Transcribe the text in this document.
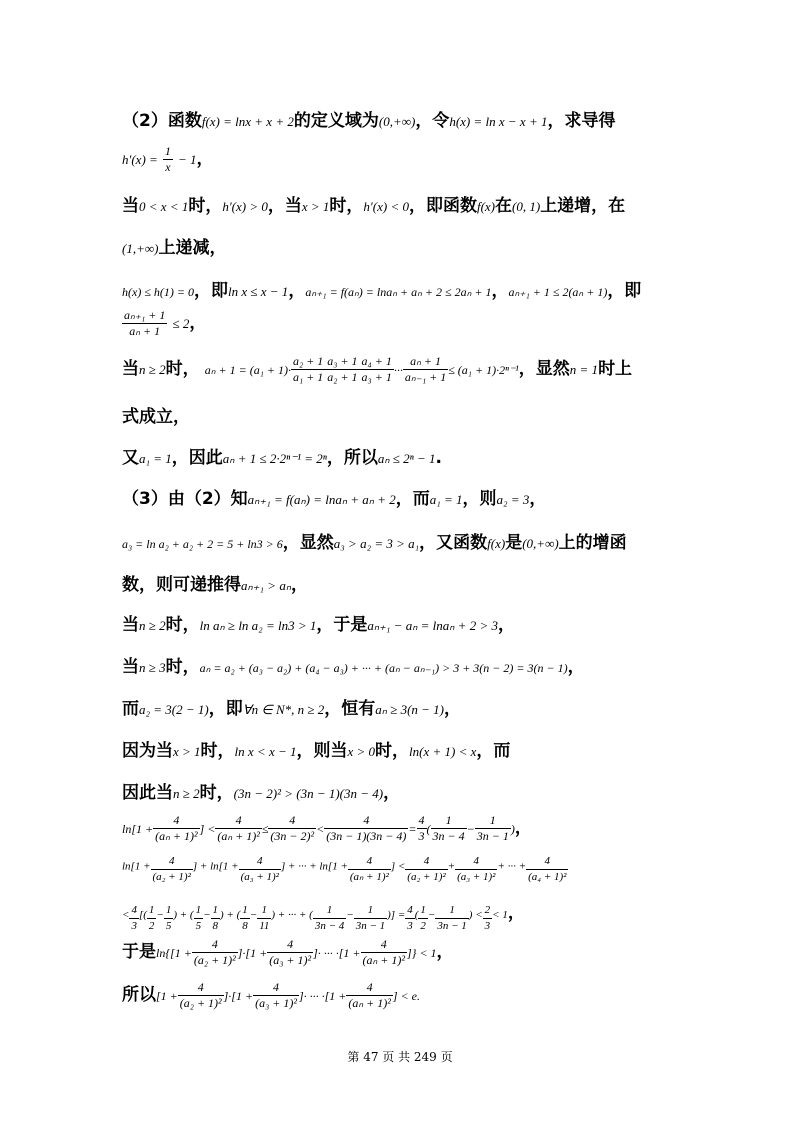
（2）函数f(x) = lnx + x + 2的定义域为(0,+∞)，令h(x) = ln x − x + 1，求导得
$h'(x) = \frac{1}{x} - 1$，
当0 < x < 1时，h′(x) > 0，当x > 1时，h′(x) < 0，即函数f(x)在(0, 1)上递增，在
(1,+∞)上递减，
h(x) ≤ h(1) = 0，即ln x ≤ x − 1，aₙ₊₁ = f(aₙ) = lnaₙ + aₙ + 2 ≤ 2aₙ + 1，aₙ₊₁ + 1 ≤ 2(aₙ + 1)，即
$\frac{\text{aₙ₊₁ + 1}}{\text{aₙ + 1}} \le 2$，
当n ≥ 2时， $a_n + 1 = (a_1 + 1)\cdot \frac{\text{a₂ + 1}}{\text{a₁ + 1}} \frac{\text{a₃ + 1}}{\text{a₂ + 1}} \frac{\text{a₄ + 1}}{\text{a₃ + 1}}$ ··· $\frac{\text{aₙ + 1}}{\text{aₙ₋₁ + 1}} \le (a_1 + 1)\cdot 2^{n-1}$，显然n = 1时上
式成立，
又a₁ = 1，因此aₙ + 1 ≤ 2·2ⁿ⁻¹ = 2ⁿ，所以aₙ ≤ 2ⁿ − 1.
（3）由（2）知aₙ₊₁ = f(aₙ) = lnaₙ + aₙ + 2，而a₁ = 1，则a₂ = 3，
a₃ = ln a₂ + a₂ + 2 = 5 + ln3 > 6，显然a₃ > a₂ = 3 > a₁，又函数f(x)是(0,+∞)上的增函
数，则可递推得aₙ₊₁ > aₙ，
当n ≥ 2时，ln aₙ ≥ ln a₂ = ln3 > 1，于是aₙ₊₁ − aₙ = lnaₙ + 2 > 3，
当n ≥ 3时，aₙ = a₂ + (a₃ − a₂) + (a₄ − a₃) + ··· + (aₙ − aₙ₋₁) > 3 + 3(n − 2) = 3(n − 1)，
而a₂ = 3(2 − 1)，即∀n ∈ N*, n ≥ 2，恒有aₙ ≥ 3(n − 1)，
因为当x > 1时，ln x < x − 1，则当x > 0时，ln(x + 1) < x，而
因此当n ≥ 2时，(3n − 2)² > (3n − 1)(3n − 4)，
$\ln[1 + \frac{4}{\text{(aₙ + 1)²}}$ ] < $\frac{4}{\text{(aₙ + 1)²}} \le \frac{4}{\text{(3n − 2)²}} < \frac{4}{(3n - 1)(3n - 4)} = \frac{4}{3}$ ( $\frac{1}{3n - 4} - \frac{1}{3n - 1}$ )，
$\ln[1 + \frac{4}{\text{(a₂ + 1)²}}$ ] + $\ln[1 + \frac{4}{\text{(a₃ + 1)²}}$ ] + ··· + $\ln[1 + \frac{4}{\text{(aₙ + 1)²}}$ ] < $\frac{4}{\text{(a₂ + 1)²}} + \frac{4}{\text{(a₃ + 1)²}}$ + ··· + $\frac{4}{\text{(a₄ + 1)²}}$
< $\frac{4}{3}$ [( $\frac{1}{2} - \frac{1}{5}$ ) + ( $\frac{1}{5} - \frac{1}{8}$ ) + ( $\frac{1}{8} - \frac{1}{11}$ ) + ··· + ( $\frac{1}{3n - 4} - \frac{1}{3n - 1}$ )] = $\frac{4}{3}$ ( $\frac{1}{2} - \frac{1}{3n - 1}$ ) < $\frac{2}{3} < 1$，
于是$\ln\{[1 + \frac{4}{\text{(a₂ + 1)²}} ]\cdot[1 + \frac{4}{\text{(a₃ + 1)²}}$ ]· ··· $\cdot[1 + \frac{4}{\text{(aₙ + 1)²}}$ ]} < 1，
所以$[1 + \frac{4}{\text{(a₂ + 1)²}} ]\cdot[1 + \frac{4}{\text{(a₃ + 1)²}}$ ]· ··· $\cdot[1 + \frac{4}{\text{(aₙ + 1)²}}$ ] < e.
第 47 页 共 249 页
